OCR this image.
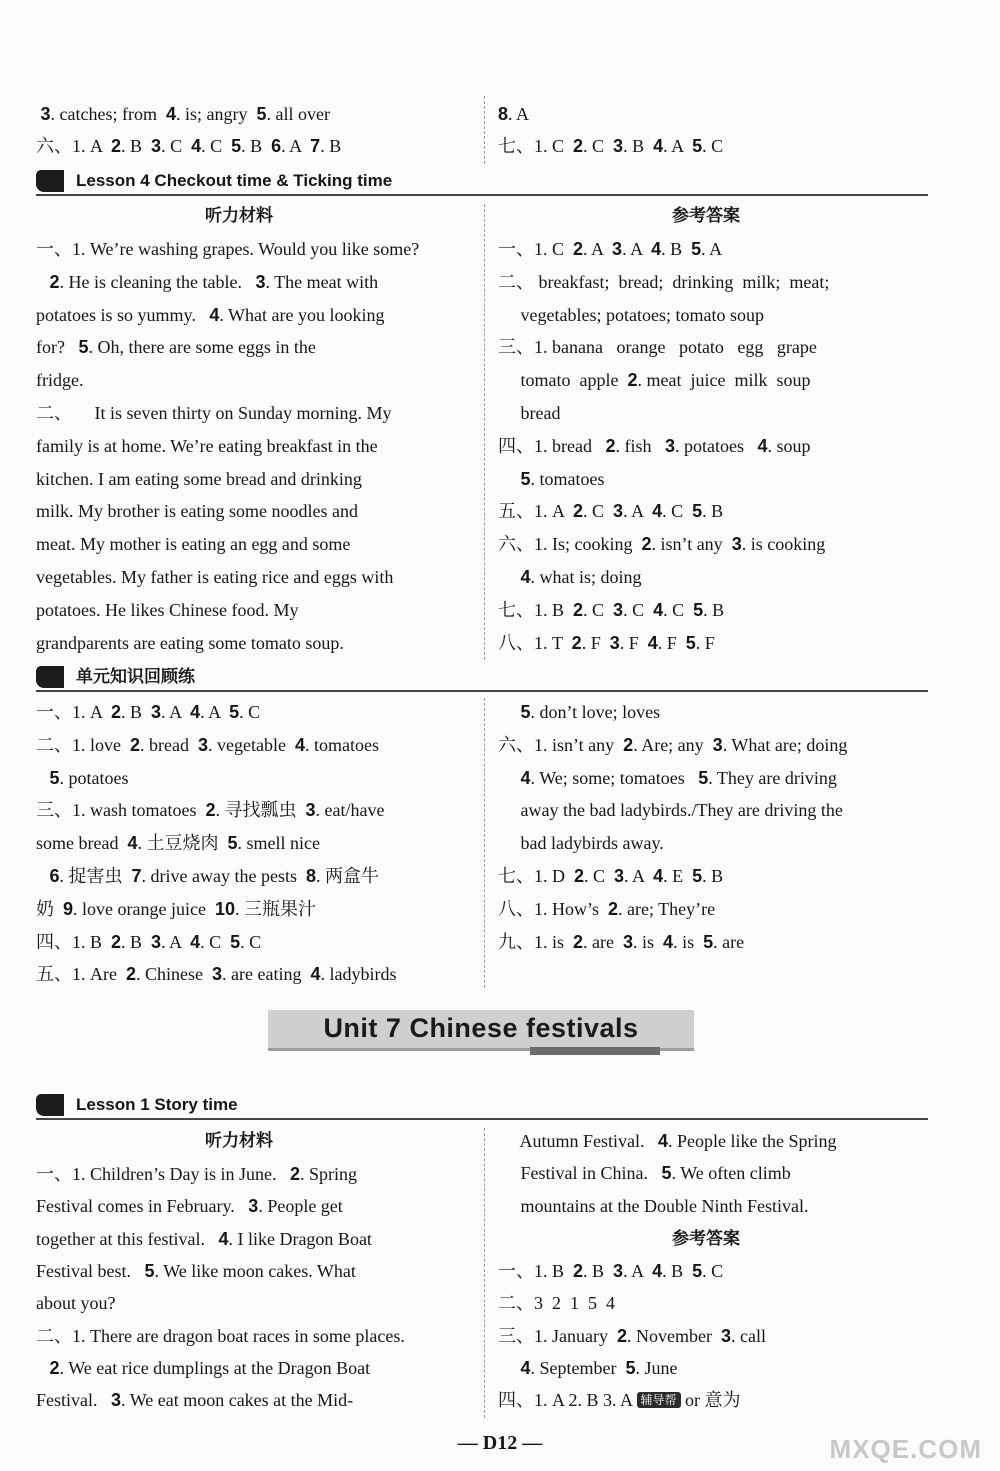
3. catches; from  4. is; angry  5. all over
六、1. A  2. B  3. C  4. C  5. B  6. A  7. B
8. A
七、1. C  2. C  3. B  4. A  5. C
Lesson 4 Checkout time & Ticking time
听力材料	参考答案
一、1. We’re washing grapes. Would you like some?
2. He is cleaning the table.   3. The meat with
potatoes is so yummy.   4. What are you looking
for?   5. Oh, there are some eggs in the
fridge.
二、     It is seven thirty on Sunday morning. My
family is at home. We’re eating breakfast in the
kitchen. I am eating some bread and drinking
milk. My brother is eating some noodles and
meat. My mother is eating an egg and some
vegetables. My father is eating rice and eggs with
potatoes. He likes Chinese food. My
grandparents are eating some tomato soup.
一、1. C  2. A  3. A  4. B  5. A
二、 breakfast;  bread;  drinking  milk;  meat;
vegetables; potatoes; tomato soup
三、1. banana   orange   potato   egg   grape
tomato  apple  2. meat  juice  milk  soup
bread
四、1. bread   2. fish   3. potatoes   4. soup
5. tomatoes
五、1. A  2. C  3. A  4. C  5. B
六、1. Is; cooking  2. isn’t any  3. is cooking
4. what is; doing
七、1. B  2. C  3. C  4. C  5. B
八、1. T  2. F  3. F  4. F  5. F
单元知识回顾练
一、1. A  2. B  3. A  4. A  5. C
二、1. love  2. bread  3. vegetable  4. tomatoes
5. potatoes
三、1. wash tomatoes  2. 寻找瓢虫  3. eat/have
some bread  4. 土豆烧肉  5. smell nice
6. 捉害虫  7. drive away the pests  8. 两盒牛
奶  9. love orange juice  10. 三瓶果汁
四、1. B  2. B  3. A  4. C  5. C
五、1. Are  2. Chinese  3. are eating  4. ladybirds
5. don’t love; loves
六、1. isn’t any  2. Are; any  3. What are; doing
4. We; some; tomatoes   5. They are driving
away the bad ladybirds./They are driving the
bad ladybirds away.
七、1. D  2. C  3. A  4. E  5. B
八、1. How’s  2. are; They’re
九、1. is  2. are  3. is  4. is  5. are
Unit 7 Chinese festivals
Lesson 1 Story time
听力材料
一、1. Children’s Day is in June.   2. Spring
Festival comes in February.   3. People get
together at this festival.   4. I like Dragon Boat
Festival best.   5. We like moon cakes. What
about you?
二、1. There are dragon boat races in some places.
2. We eat rice dumplings at the Dragon Boat
Festival.   3. We eat moon cakes at the Mid-
Autumn Festival.   4. People like the Spring
Festival in China.   5. We often climb
mountains at the Double Ninth Festival.
参考答案
一、1. B  2. B  3. A  4. B  5. C
二、3  2  1  5  4
三、1. January  2. November  3. call
4. September  5. June
四、1. A 2. B 3. A 辅导帮 or 意为
— D12 —	MXQE.COM
